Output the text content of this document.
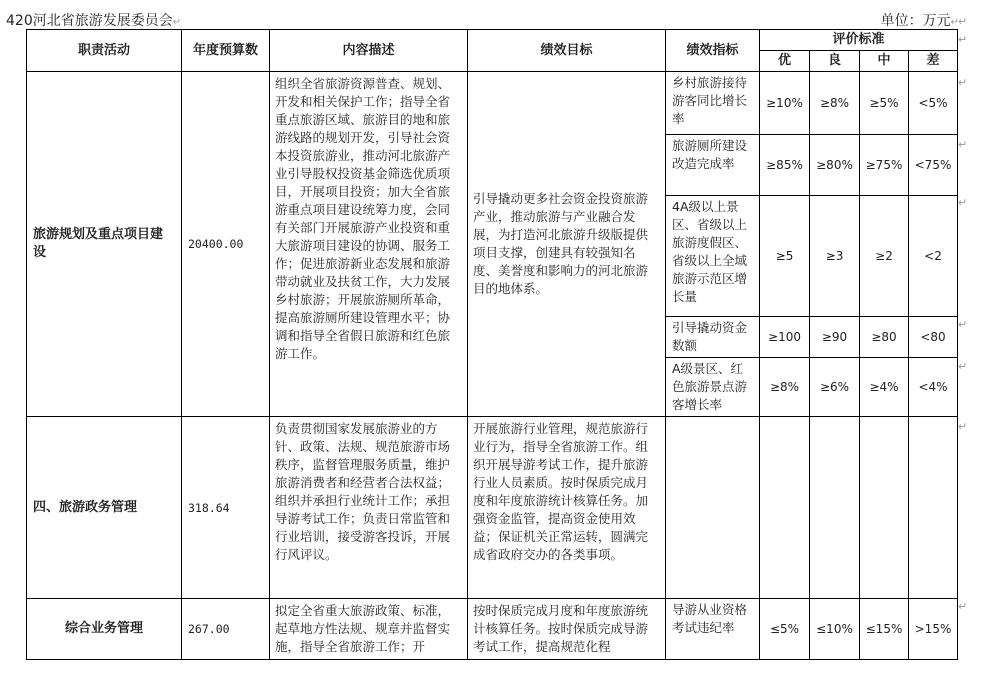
420河北省旅游发展委员会↵	单位：万元↵
职责活动	年度预算数	内容描述	绩效目标	绩效指标	评价标准			
					优	良	中	差
旅游规划及重点项目建设	20400.00	组织全省旅游资源普查、规划、开发和相关保护工作；指导全省重点旅游区域、旅游目的地和旅游线路的规划开发，引导社会资本投资旅游业，推动河北旅游产业引导股权投资基金筛选优质项目，开展项目投资；加大全省旅游重点项目建设统筹力度，会同有关部门开展旅游产业投资和重大旅游项目建设的协调、服务工作；促进旅游新业态发展和旅游带动就业及扶贫工作，大力发展乡村旅游；开展旅游厕所革命，提高旅游厕所建设管理水平；协调和指导全省假日旅游和红色旅游工作。	引导撬动更多社会资金投资旅游产业，推动旅游与产业融合发展，为打造河北旅游升级版提供项目支撑，创建具有较强知名度、美誉度和影响力的河北旅游目的地体系。	乡村旅游接待游客同比增长率	≥10%	≥8%	≥5%	<5%
				旅游厕所建设改造完成率	≥85%	≥80%	≥75%	<75%
				4A级以上景区、省级以上旅游度假区、省级以上全域旅游示范区增长量	≥5	≥3	≥2	<2
				引导撬动资金数额	≥100	≥90	≥80	<80
				A级景区、红色旅游景点游客增长率	≥8%	≥6%	≥4%	<4%
四、旅游政务管理	318.64	负责贯彻国家发展旅游业的方针、政策、法规、规范旅游市场秩序，监督管理服务质量，维护旅游消费者和经营者合法权益；组织并承担行业统计工作；承担导游考试工作；负责日常监管和行业培训，接受游客投诉，开展行风评议。	开展旅游行业管理，规范旅游行业行为，指导全省旅游工作。组织开展导游考试工作，提升旅游行业人员素质。按时保质完成月度和年度旅游统计核算任务。加强资金监管，提高资金使用效益；保证机关正常运转，圆满完成省政府交办的各类事项。					
综合业务管理	267.00	拟定全省重大旅游政策、标准，起草地方性法规、规章并监督实施，指导全省旅游工作；开	按时保质完成月度和年度旅游统计核算任务。按时保质完成导游考试工作，提高规范化程	导游从业资格考试违纪率	≤5%	≤10%	≤15%	>15%
↵
↵
↵
↵
↵
↵
↵
↵
↵
